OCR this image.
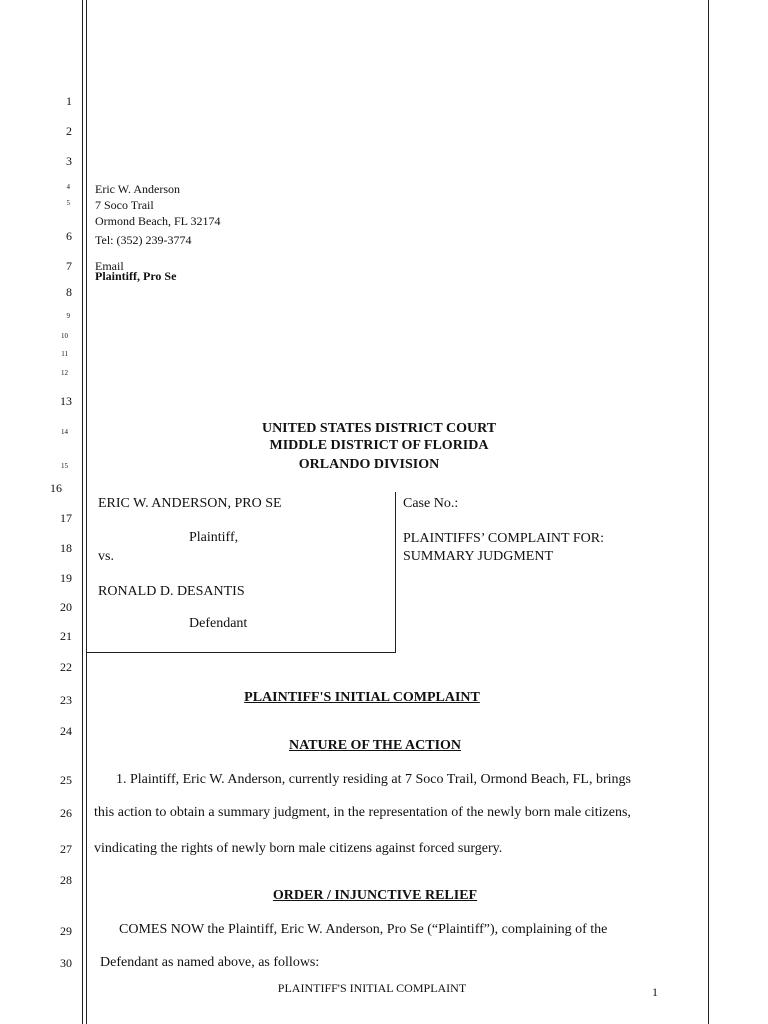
1
2
3
4
5
6
7
8
9
10
11
12
13
14
15
16
17
18
19
20
21
22
23
24
25
26
27
28
29
30
Eric W. Anderson
7 Soco Trail
Ormond Beach, FL 32174
Tel: (352) 239-3774
Email
Plaintiff, Pro Se
UNITED STATES DISTRICT COURT
MIDDLE DISTRICT OF FLORIDA
ORLANDO DIVISION
ERIC W. ANDERSON, PRO SE
Plaintiff,
vs.
RONALD D. DESANTIS
Defendant
Case No.:
PLAINTIFFS’ COMPLAINT FOR:
SUMMARY JUDGMENT
PLAINTIFF'S INITIAL COMPLAINT
NATURE OF THE ACTION
1. Plaintiff, Eric W. Anderson, currently residing at 7 Soco Trail, Ormond Beach, FL, brings
this action to obtain a summary judgment, in the representation of the newly born male citizens,
vindicating the rights of newly born male citizens against forced surgery.
ORDER / INJUNCTIVE RELIEF
COMES NOW the Plaintiff, Eric W. Anderson, Pro Se (“Plaintiff”), complaining of the
Defendant as named above, as follows:
PLAINTIFF'S INITIAL COMPLAINT	1
